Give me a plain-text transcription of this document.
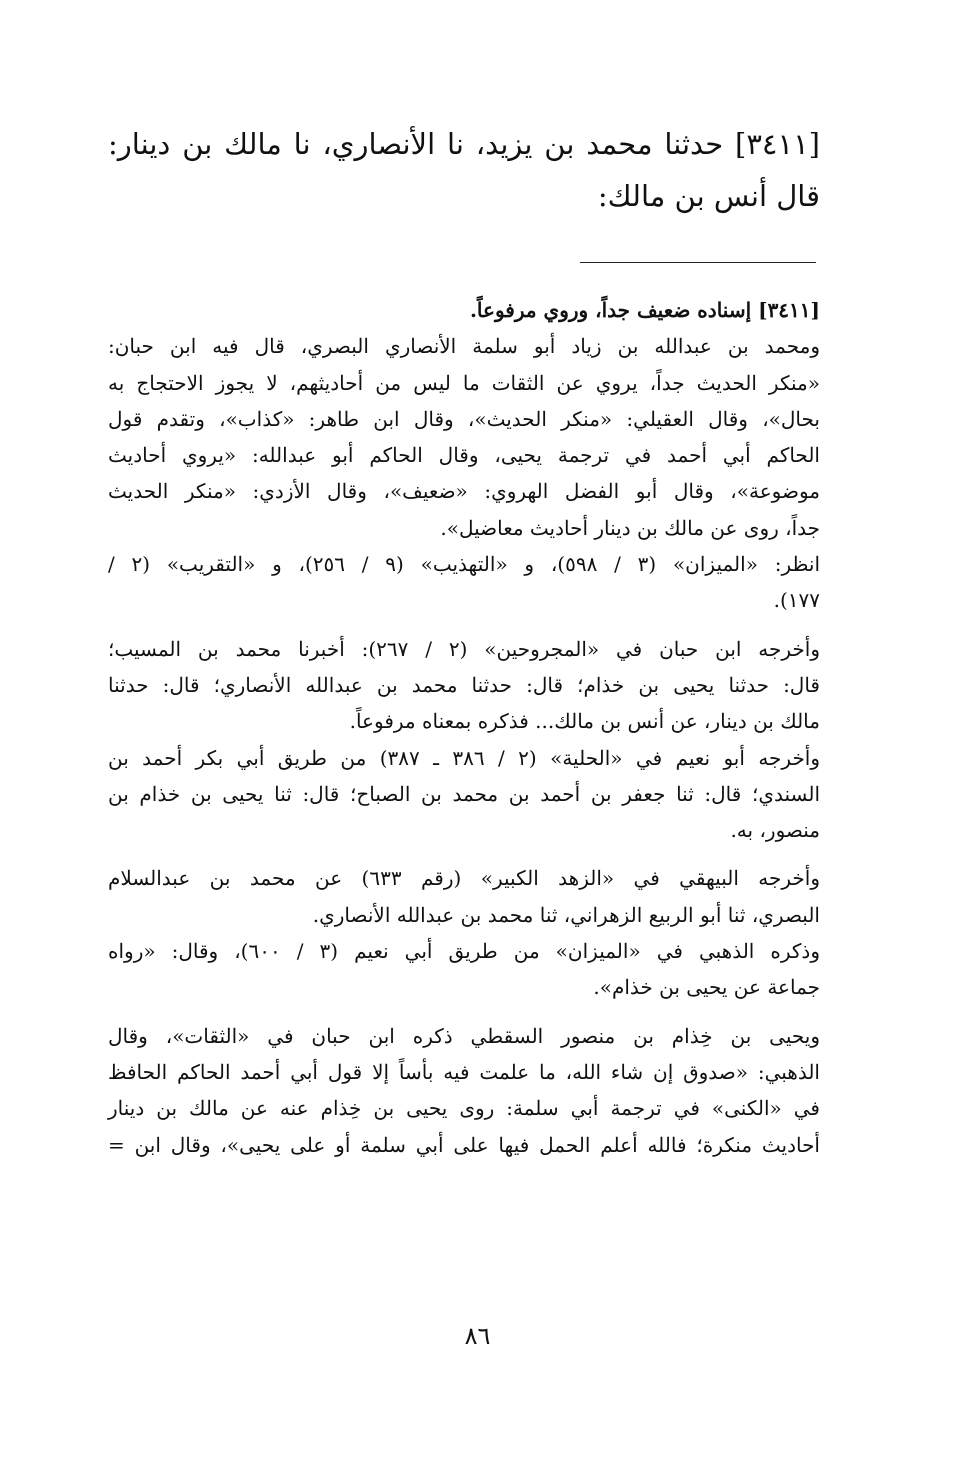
[٣٤١١] حدثنا محمد بن يزيد، نا الأنصاري، نا مالك بن دينار:
قال أنس بن مالك:
[٣٤١١] إسناده ضعيف جداً، وروي مرفوعاً.
ومحمد بن عبدالله بن زياد أبو سلمة الأنصاري البصري، قال فيه ابن حبان:
«منكر الحديث جداً، يروي عن الثقات ما ليس من أحاديثهم، لا يجوز الاحتجاج به
بحال»، وقال العقيلي: «منكر الحديث»، وقال ابن طاهر: «كذاب»، وتقدم قول
الحاكم أبي أحمد في ترجمة يحيى، وقال الحاكم أبو عبدالله: «يروي أحاديث
موضوعة»، وقال أبو الفضل الهروي: «ضعيف»، وقال الأزدي: «منكر الحديث
جداً، روى عن مالك بن دينار أحاديث معاضيل».
انظر: «الميزان» (٣ / ٥٩٨)، و «التهذيب» (٩ / ٢٥٦)، و «التقريب» (٢ /
١٧٧).
وأخرجه ابن حبان في «المجروحين» (٢ / ٢٦٧): أخبرنا محمد بن المسيب؛
قال: حدثنا يحيى بن خذام؛ قال: حدثنا محمد بن عبدالله الأنصاري؛ قال: حدثنا
مالك بن دينار، عن أنس بن مالك... فذكره بمعناه مرفوعاً.
وأخرجه أبو نعيم في «الحلية» (٢ / ٣٨٦ ـ ٣٨٧) من طريق أبي بكر أحمد بن
السندي؛ قال: ثنا جعفر بن أحمد بن محمد بن الصباح؛ قال: ثنا يحيى بن خذام بن
منصور، به.
وأخرجه البيهقي في «الزهد الكبير» (رقم ٦٣٣) عن محمد بن عبدالسلام
البصري، ثنا أبو الربيع الزهراني، ثنا محمد بن عبدالله الأنصاري.
وذكره الذهبي في «الميزان» من طريق أبي نعيم (٣ / ٦٠٠)، وقال: «رواه
جماعة عن يحيى بن خذام».
ويحيى بن خِذام بن منصور السقطي ذكره ابن حبان في «الثقات»، وقال
الذهبي: «صدوق إن شاء الله، ما علمت فيه بأساً إلا قول أبي أحمد الحاكم الحافظ
في «الكنى» في ترجمة أبي سلمة: روى يحيى بن خِذام عنه عن مالك بن دينار
أحاديث منكرة؛ فالله أعلم الحمل فيها على أبي سلمة أو على يحيى»، وقال ابن =
٨٦
